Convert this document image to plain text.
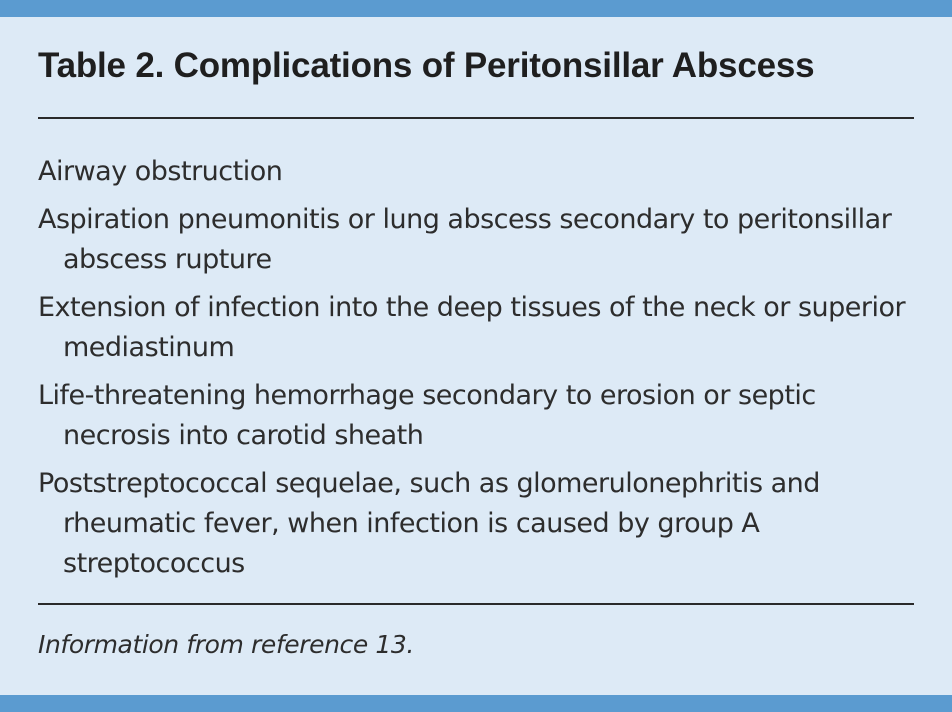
Table 2. Complications of Peritonsillar Abscess
Airway obstruction
Aspiration pneumonitis or lung abscess secondary to peritonsillar abscess rupture
Extension of infection into the deep tissues of the neck or superior mediastinum
Life-threatening hemorrhage secondary to erosion or septic necrosis into carotid sheath
Poststreptococcal sequelae, such as glomerulonephritis and rheumatic fever, when infection is caused by group A streptococcus
Information from reference 13.
